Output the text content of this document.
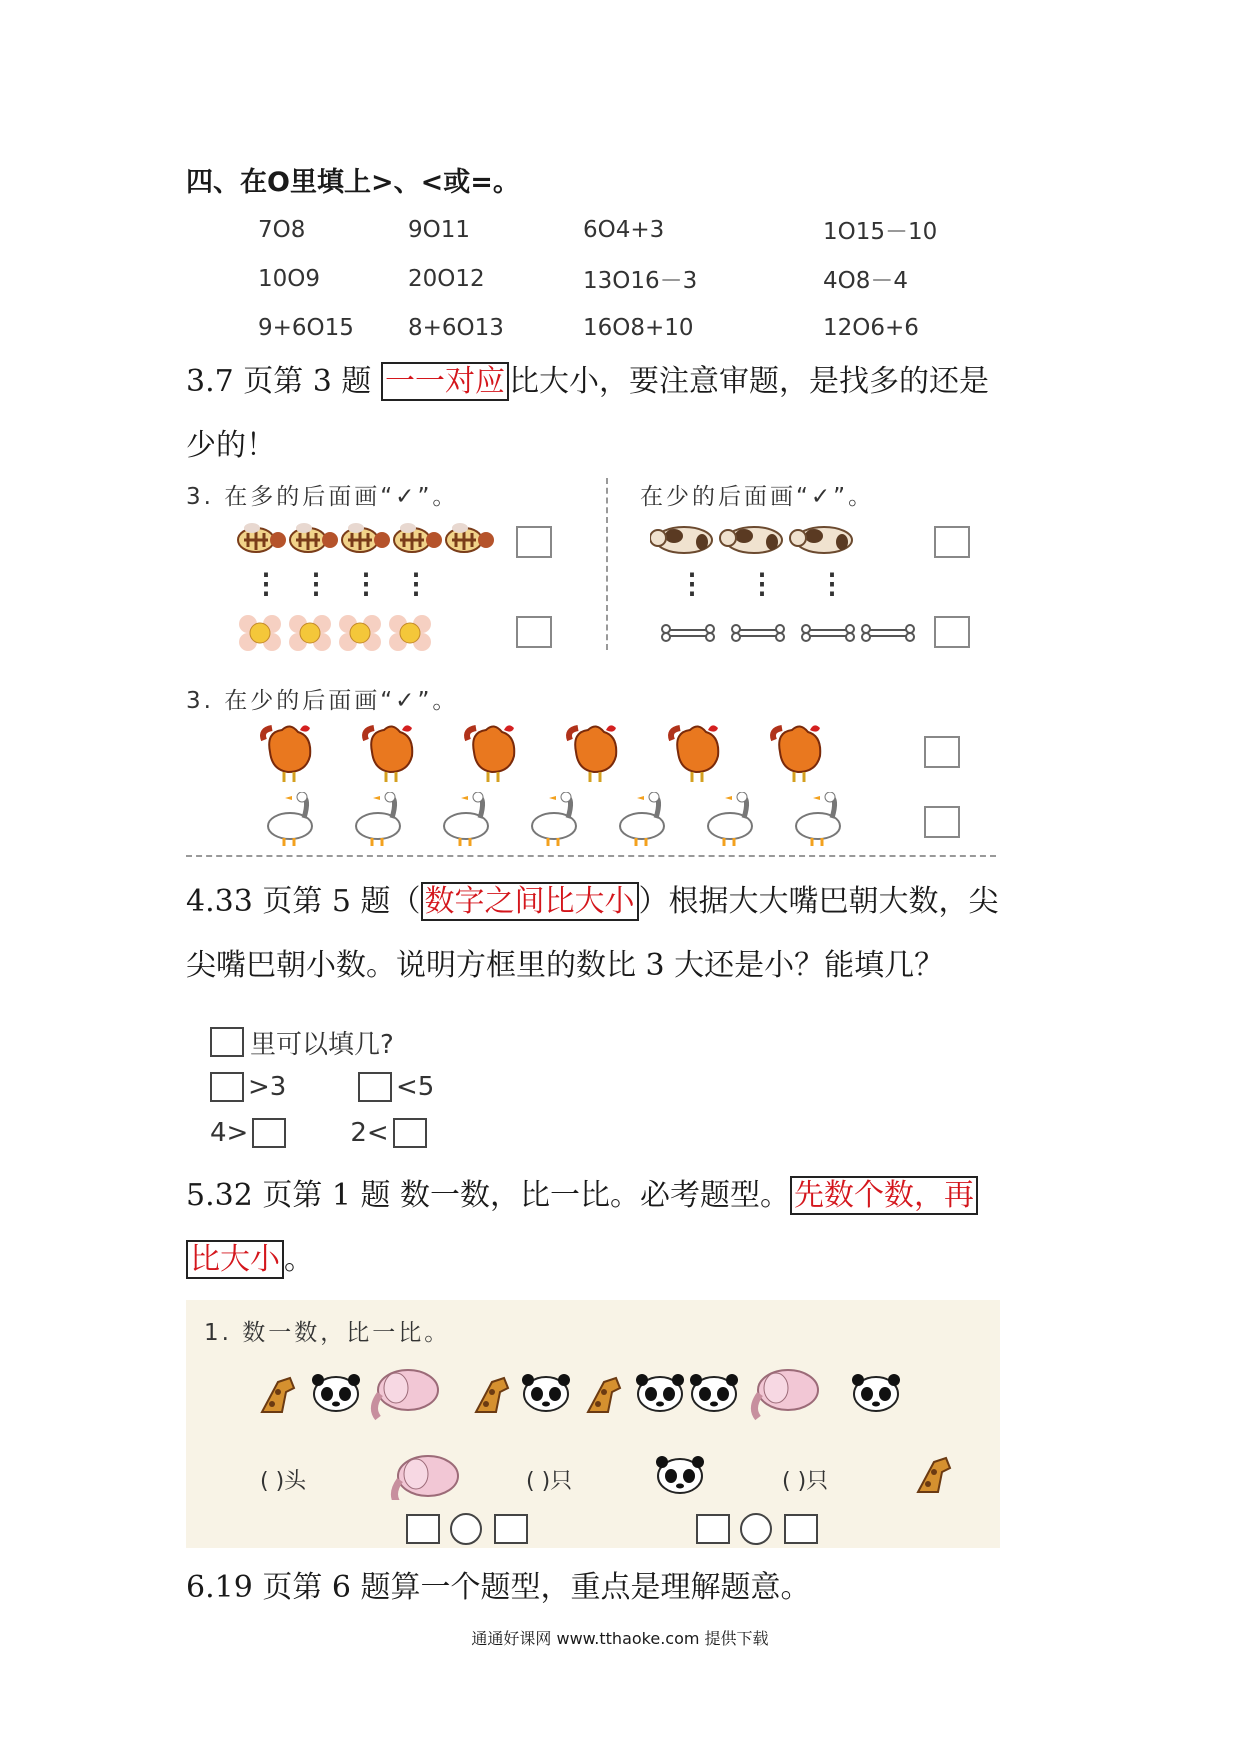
四、在O里填上>、<或=。
7O8	9O11	6O4+3	1O15－10
10O9	20O12	13O16－3	4O8－4
9+6O15	8+6O13	16O8+10	12O6+6
3.7 页第 3 题 一一对应 比大小，要注意审题，是找多的还是
少的！
3. 在多的后面画“✓”。	在少的后面画“✓”。
⋮ ⋮ ⋮ ⋮	⋮ ⋮ ⋮
3. 在少的后面画“✓”。
4.33 页第 5 题（ 数字之间比大小 ）根据大大嘴巴朝大数，尖
尖嘴巴朝小数。说明方框里的数比 3 大还是小？能填几？
里可以填几?
>3	<5
4>	2<
5.32 页第 1 题 数一数，比一比。必考题型。 先数个数，再
比大小 。
1. 数一数，比一比。
( )头	( )只	( )只
6.19 页第 6 题算一个题型，重点是理解题意。
通通好课网 www.tthaoke.com 提供下载
